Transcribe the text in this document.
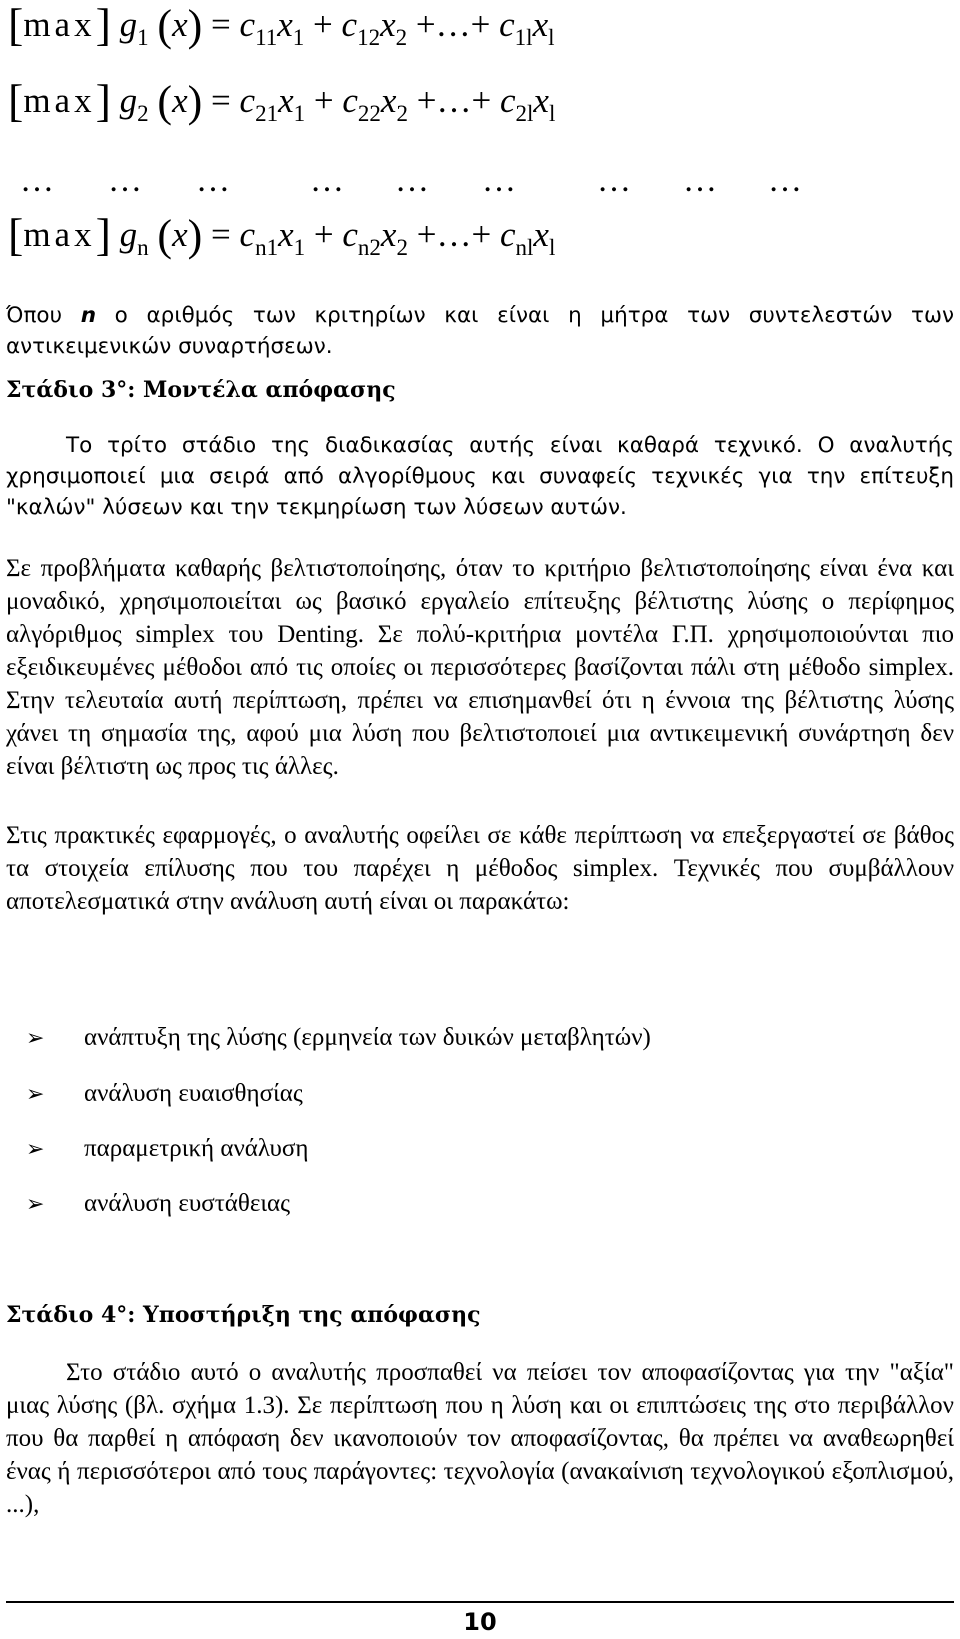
[max] $g_1$ $(x) = c_{11}x_1 + c_{12}x_2$ +…+ $c_{1l}x_l$
[max] $g_2$ $(x) = c_{21}x_1 + c_{22}x_2$ +…+ $c_{2l}x_l$
… … … … … … … … …
[max] $g_n$ $(x) = c_{n1}x_1 + c_{n2}x_2$ +…+ $c_{nl}x_l$
Όπου n ο αριθμός των κριτηρίων και είναι η μήτρα των συντελεστών των αντικειμενικών συναρτήσεων.
Στάδιο 3°: Μοντέλα απόφασης
Το τρίτο στάδιο της διαδικασίας αυτής είναι καθαρά τεχνικό. Ο αναλυτής χρησιμοποιεί μια σειρά από αλγορίθμους και συναφείς τεχνικές για την επίτευξη "καλών" λύσεων και την τεκμηρίωση των λύσεων αυτών.
Σε προβλήματα καθαρής βελτιστοποίησης, όταν το κριτήριο βελτιστοποίησης είναι ένα και μοναδικό, χρησιμοποιείται ως βασικό εργαλείο επίτευξης βέλτιστης λύσης ο περίφημος αλγόριθμος simplex του Denting. Σε πολύ-κριτήρια μοντέλα Γ.Π. χρησιμοποιούνται πιο εξειδικευμένες μέθοδοι από τις οποίες οι περισσότερες βασίζονται πάλι στη μέθοδο simplex. Στην τελευταία αυτή περίπτωση, πρέπει να επισημανθεί ότι η έννοια της βέλτιστης λύσης χάνει τη σημασία της, αφού μια λύση που βελτιστοποιεί μια αντικειμενική συνάρτηση δεν είναι βέλτιστη ως προς τις άλλες.
Στις πρακτικές εφαρμογές, ο αναλυτής οφείλει σε κάθε περίπτωση να επεξεργαστεί σε βάθος τα στοιχεία επίλυσης που του παρέχει η μέθοδος simplex. Τεχνικές που συμβάλλουν αποτελεσματικά στην ανάλυση αυτή είναι οι παρακάτω:
➢ ανάπτυξη της λύσης (ερμηνεία των δυικών μεταβλητών)
➢ ανάλυση ευαισθησίας
➢ παραμετρική ανάλυση
➢ ανάλυση ευστάθειας
Στάδιο 4°: Υποστήριξη της απόφασης
Στο στάδιο αυτό ο αναλυτής προσπαθεί να πείσει τον αποφασίζοντας για την "αξία" μιας λύσης (βλ. σχήμα 1.3). Σε περίπτωση που η λύση και οι επιπτώσεις της στο περιβάλλον που θα παρθεί η απόφαση δεν ικανοποιούν τον αποφασίζοντας, θα πρέπει να αναθεωρηθεί ένας ή περισσότεροι από τους παράγοντες: τεχνολογία (ανακαίνιση τεχνολογικού εξοπλισμού, ...),
10
